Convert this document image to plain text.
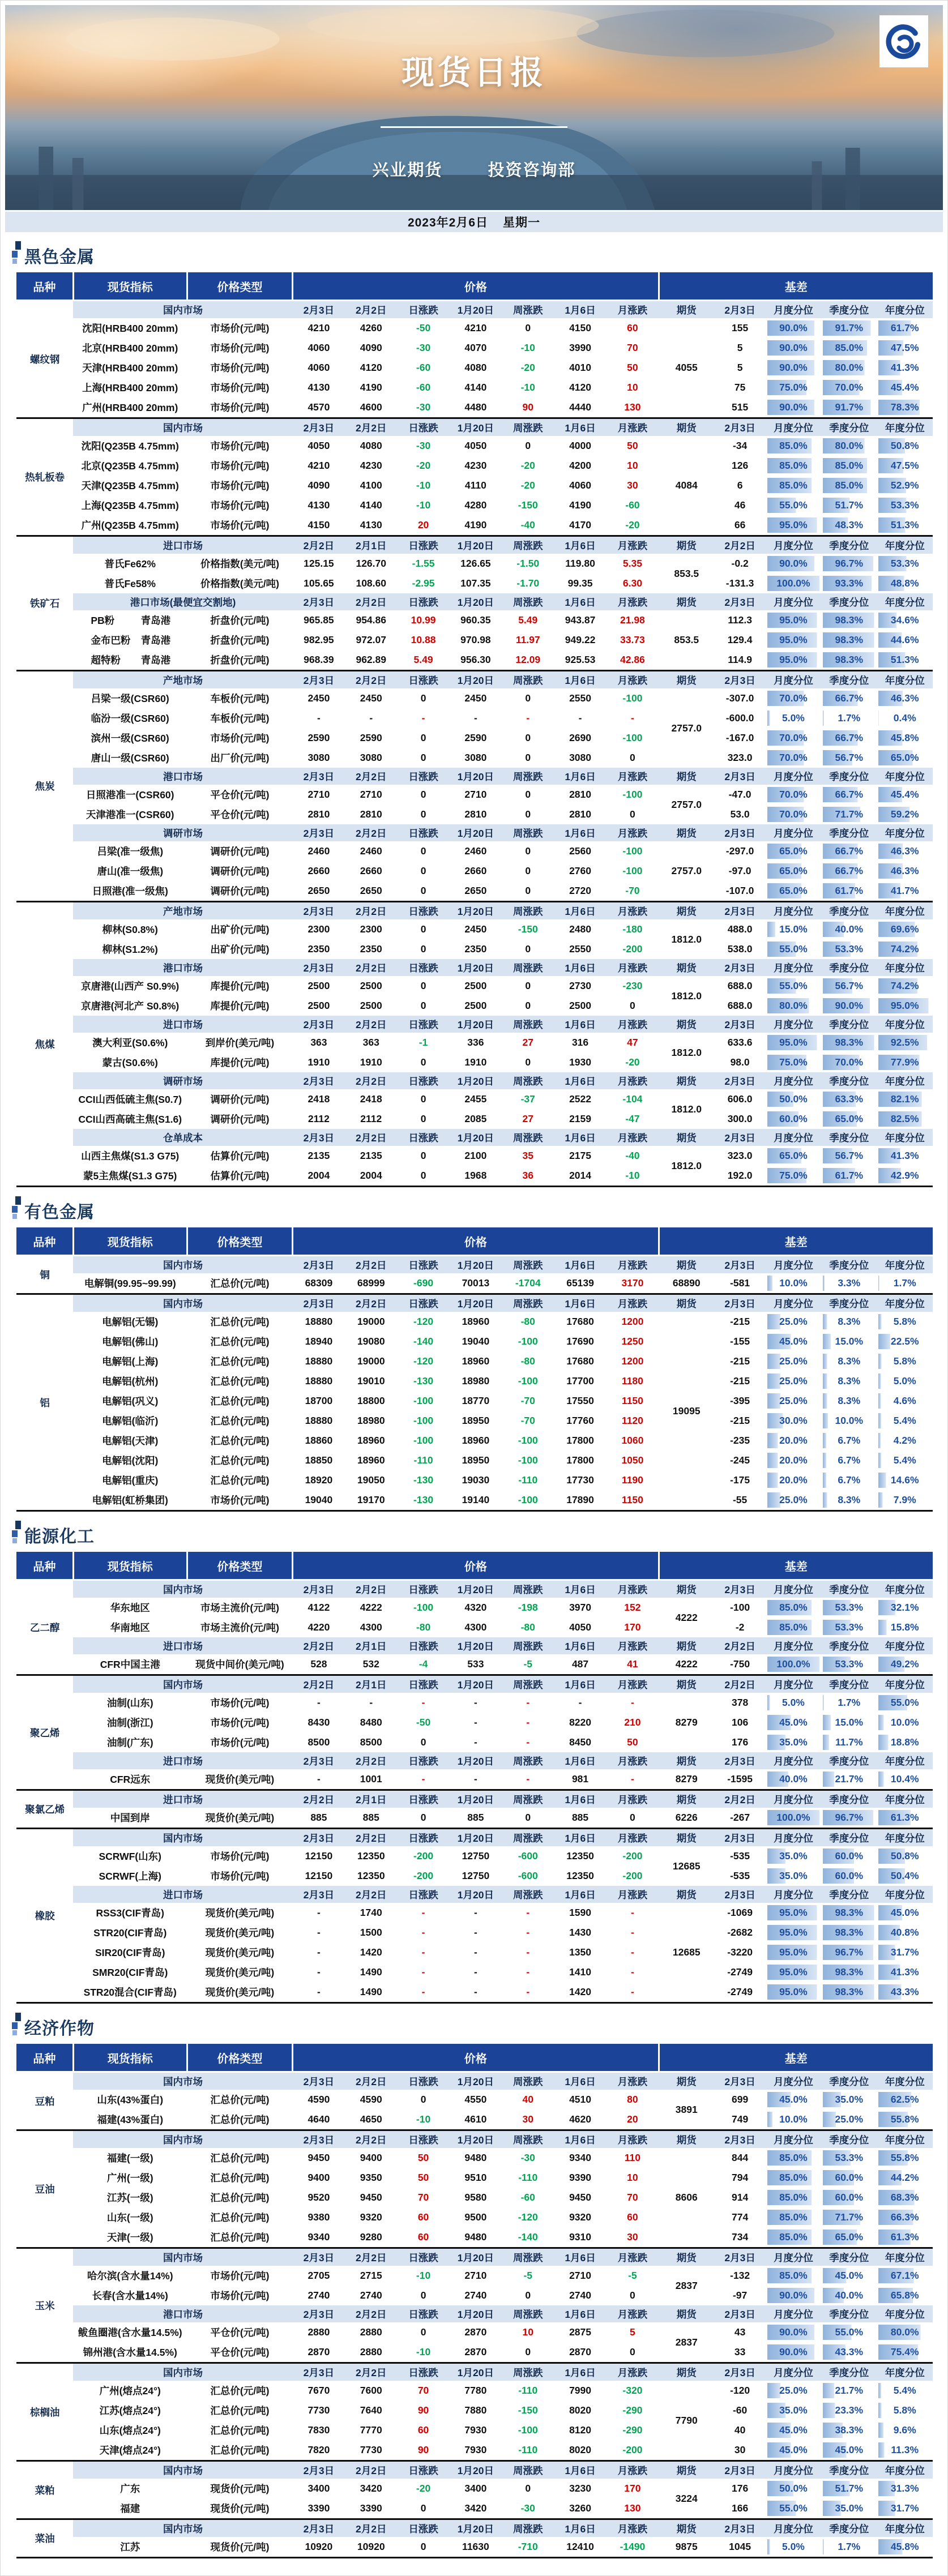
现货日报
兴业期货	投资咨询部
2023年2月6日 星期一
黑色金属
品种	现货指标	价格类型	价格							基差				
螺纹钢	国内市场		2月3日	2月2日	日涨跌	1月20日	周涨跌	1月6日	月涨跌	期货	2月3日	月度分位	季度分位	年度分位
	沈阳(HRB400 20mm)	市场价(元/吨)	4210	4260	-50	4210	0	4150	60	4055	155	90.0%	91.7%	61.7%

	北京(HRB400 20mm)	市场价(元/吨)	4060	4090	-30	4070	-10	3990	70		5	90.0%	85.0%	47.5%

	天津(HRB400 20mm)	市场价(元/吨)	4060	4120	-60	4080	-20	4010	50		5	90.0%	80.0%	41.3%

	上海(HRB400 20mm)	市场价(元/吨)	4130	4190	-60	4140	-10	4120	10		75	75.0%	70.0%	45.4%

	广州(HRB400 20mm)	市场价(元/吨)	4570	4600	-30	4480	90	4440	130		515	90.0%	91.7%	78.3%

热轧板卷	国内市场		2月3日	2月2日	日涨跌	1月20日	周涨跌	1月6日	月涨跌	期货	2月3日	月度分位	季度分位	年度分位
	沈阳(Q235B 4.75mm)	市场价(元/吨)	4050	4080	-30	4050	0	4000	50	4084	-34	85.0%	80.0%	50.8%

	北京(Q235B 4.75mm)	市场价(元/吨)	4210	4230	-20	4230	-20	4200	10		126	85.0%	85.0%	47.5%

	天津(Q235B 4.75mm)	市场价(元/吨)	4090	4100	-10	4110	-20	4060	30		6	85.0%	85.0%	52.9%

	上海(Q235B 4.75mm)	市场价(元/吨)	4130	4140	-10	4280	-150	4190	-60		46	55.0%	51.7%	53.3%

	广州(Q235B 4.75mm)	市场价(元/吨)	4150	4130	20	4190	-40	4170	-20		66	95.0%	48.3%	51.3%

铁矿石	进口市场		2月2日	2月1日	日涨跌	1月20日	周涨跌	1月6日	月涨跌	期货	2月2日	月度分位	季度分位	年度分位
	普氏Fe62%	价格指数(美元/吨)	125.15	126.70	-1.55	126.65	-1.50	119.80	5.35	853.5	-0.2	90.0%	96.7%	53.3%

	普氏Fe58%	价格指数(美元/吨)	105.65	108.60	-2.95	107.35	-1.70	99.35	6.30		-131.3	100.0%	93.3%	48.8%

	港口市场(最便宜交割地)		2月3日	2月2日	日涨跌	1月20日	周涨跌	1月6日	月涨跌	期货	2月3日	月度分位	季度分位	年度分位

	PB粉 青岛港	折盘价(元/吨)	965.85	954.86	10.99	960.35	5.49	943.87	21.98	853.5	112.3	95.0%	98.3%	34.6%

	金布巴粉 青岛港	折盘价(元/吨)	982.95	972.07	10.88	970.98	11.97	949.22	33.73		129.4	95.0%	98.3%	44.6%

	超特粉 青岛港	折盘价(元/吨)	968.39	962.89	5.49	956.30	12.09	925.53	42.86		114.9	95.0%	98.3%	51.3%

焦炭	产地市场		2月3日	2月2日	日涨跌	1月20日	周涨跌	1月6日	月涨跌	期货	2月3日	月度分位	季度分位	年度分位
	吕梁一级(CSR60)	车板价(元/吨)	2450	2450	0	2450	0	2550	-100	2757.0	-307.0	70.0%	66.7%	46.3%

	临汾一级(CSR60)	车板价(元/吨)	-	-	-	-	-	-	-		-600.0	5.0%	1.7%	0.4%

	滨州一级(CSR60)	市场价(元/吨)	2590	2590	0	2590	0	2690	-100		-167.0	70.0%	66.7%	45.8%

	唐山一级(CSR60)	出厂价(元/吨)	3080	3080	0	3080	0	3080	0		323.0	70.0%	56.7%	65.0%

	港口市场		2月3日	2月2日	日涨跌	1月20日	周涨跌	1月6日	月涨跌	期货	2月3日	月度分位	季度分位	年度分位
	日照港准一(CSR60)	平仓价(元/吨)	2710	2710	0	2710	0	2810	-100	2757.0	-47.0	70.0%	66.7%	45.4%

	天津港准一(CSR60)	平仓价(元/吨)	2810	2810	0	2810	0	2810	0		53.0	70.0%	71.7%	59.2%

	调研市场		2月3日	2月2日	日涨跌	1月20日	周涨跌	1月6日	月涨跌	期货	2月3日	月度分位	季度分位	年度分位
	吕梁(准一级焦)	调研价(元/吨)	2460	2460	0	2460	0	2560	-100	2757.0	-297.0	65.0%	66.7%	46.3%

	唐山(准一级焦)	调研价(元/吨)	2660	2660	0	2660	0	2760	-100		-97.0	65.0%	66.7%	46.3%

	日照港(准一级焦)	调研价(元/吨)	2650	2650	0	2650	0	2720	-70		-107.0	65.0%	61.7%	41.7%

焦煤	产地市场		2月3日	2月2日	日涨跌	1月20日	周涨跌	1月6日	月涨跌	期货	2月3日	月度分位	季度分位	年度分位
	柳林(S0.8%)	出矿价(元/吨)	2300	2300	0	2450	-150	2480	-180	1812.0	488.0	15.0%	40.0%	69.6%

	柳林(S1.2%)	出矿价(元/吨)	2350	2350	0	2350	0	2550	-200		538.0	55.0%	53.3%	74.2%

	港口市场		2月3日	2月2日	日涨跌	1月20日	周涨跌	1月6日	月涨跌	期货	2月3日	月度分位	季度分位	年度分位
	京唐港(山西产 S0.9%)	库提价(元/吨)	2500	2500	0	2500	0	2730	-230	1812.0	688.0	55.0%	56.7%	74.2%

	京唐港(河北产 S0.8%)	库提价(元/吨)	2500	2500	0	2500	0	2500	0		688.0	80.0%	90.0%	95.0%

	进口市场		2月3日	2月2日	日涨跌	1月20日	周涨跌	1月6日	月涨跌	期货	2月3日	月度分位	季度分位	年度分位
	澳大利亚(S0.6%)	到岸价(美元/吨)	363	363	-1	336	27	316	47	1812.0	633.6	95.0%	98.3%	92.5%

	蒙古(S0.6%)	库提价(元/吨)	1910	1910	0	1910	0	1930	-20		98.0	75.0%	70.0%	77.9%

	调研市场		2月3日	2月2日	日涨跌	1月20日	周涨跌	1月6日	月涨跌	期货	2月3日	月度分位	季度分位	年度分位
	CCI山西低硫主焦(S0.7)	调研价(元/吨)	2418	2418	0	2455	-37	2522	-104	1812.0	606.0	50.0%	63.3%	82.1%

	CCI山西高硫主焦(S1.6)	调研价(元/吨)	2112	2112	0	2085	27	2159	-47		300.0	60.0%	65.0%	82.5%

	仓单成本		2月3日	2月2日	日涨跌	1月20日	周涨跌	1月6日	月涨跌	期货	2月3日	月度分位	季度分位	年度分位
	山西主焦煤(S1.3 G75)	估算价(元/吨)	2135	2135	0	2100	35	2175	-40	1812.0	323.0	65.0%	56.7%	41.3%

	蒙5主焦煤(S1.3 G75)	估算价(元/吨)	2004	2004	0	1968	36	2014	-10		192.0	75.0%	61.7%	42.9%
有色金属
品种	现货指标	价格类型	价格							基差				
铜	国内市场		2月3日	2月2日	日涨跌	1月20日	周涨跌	1月6日	月涨跌	期货	2月3日	月度分位	季度分位	年度分位
	电解铜(99.95~99.99)	汇总价(元/吨)	68309	68999	-690	70013	-1704	65139	3170	68890	-581	10.0%	3.3%	1.7%

铝	国内市场		2月3日	2月2日	日涨跌	1月20日	周涨跌	1月6日	月涨跌	期货	2月3日	月度分位	季度分位	年度分位
	电解铝(无锡)	汇总价(元/吨)	18880	19000	-120	18960	-80	17680	1200	19095	-215	25.0%	8.3%	5.8%

	电解铝(佛山)	汇总价(元/吨)	18940	19080	-140	19040	-100	17690	1250		-155	45.0%	15.0%	22.5%

	电解铝(上海)	汇总价(元/吨)	18880	19000	-120	18960	-80	17680	1200		-215	25.0%	8.3%	5.8%

	电解铝(杭州)	汇总价(元/吨)	18880	19010	-130	18980	-100	17700	1180		-215	25.0%	8.3%	5.0%

	电解铝(巩义)	汇总价(元/吨)	18700	18800	-100	18770	-70	17550	1150		-395	25.0%	8.3%	4.6%

	电解铝(临沂)	汇总价(元/吨)	18880	18980	-100	18950	-70	17760	1120		-215	30.0%	10.0%	5.4%

	电解铝(天津)	汇总价(元/吨)	18860	18960	-100	18960	-100	17800	1060		-235	20.0%	6.7%	4.2%

	电解铝(沈阳)	汇总价(元/吨)	18850	18960	-110	18950	-100	17800	1050		-245	20.0%	6.7%	5.4%

	电解铝(重庆)	汇总价(元/吨)	18920	19050	-130	19030	-110	17730	1190		-175	20.0%	6.7%	14.6%

	电解铝(虹桥集团)	市场价(元/吨)	19040	19170	-130	19140	-100	17890	1150		-55	25.0%	8.3%	7.9%
能源化工
品种	现货指标	价格类型	价格							基差				
乙二醇	国内市场		2月3日	2月2日	日涨跌	1月20日	周涨跌	1月6日	月涨跌	期货	2月3日	月度分位	季度分位	年度分位
	华东地区	市场主流价(元/吨)	4122	4222	-100	4320	-198	3970	152	4222	-100	85.0%	53.3%	32.1%

	华南地区	市场主流价(元/吨)	4220	4300	-80	4300	-80	4050	170		-2	85.0%	53.3%	15.8%

	进口市场		2月2日	2月1日	日涨跌	1月20日	周涨跌	1月6日	月涨跌	期货	2月2日	月度分位	季度分位	年度分位
	CFR中国主港	现货中间价(美元/吨)	528	532	-4	533	-5	487	41	4222	-750	100.0%	53.3%	49.2%

聚乙烯	国内市场		2月2日	2月1日	日涨跌	1月20日	周涨跌	1月6日	月涨跌	期货	2月2日	月度分位	季度分位	年度分位
	油制(山东)	市场价(元/吨)	-	-	-	-	-	-	-	8279	378	5.0%	1.7%	55.0%

	油制(浙江)	市场价(元/吨)	8430	8480	-50	-	-	8220	210		106	45.0%	15.0%	10.0%

	油制(广东)	市场价(元/吨)	8500	8500	0	-	-	8450	50		176	35.0%	11.7%	18.8%

	进口市场		2月3日	2月2日	日涨跌	1月20日	周涨跌	1月6日	月涨跌	期货	2月3日	月度分位	季度分位	年度分位
	CFR远东	现货价(美元/吨)	-	1001	-	-	-	981	-	8279	-1595	40.0%	21.7%	10.4%

聚氯乙烯	进口市场		2月2日	2月1日	日涨跌	1月20日	周涨跌	1月6日	月涨跌	期货	2月2日	月度分位	季度分位	年度分位
	中国到岸	现货价(美元/吨)	885	885	0	885	0	885	0	6226	-267	100.0%	96.7%	61.3%

橡胶	国内市场		2月3日	2月2日	日涨跌	1月20日	周涨跌	1月6日	月涨跌	期货	2月3日	月度分位	季度分位	年度分位
	SCRWF(山东)	市场价(元/吨)	12150	12350	-200	12750	-600	12350	-200	12685	-535	35.0%	60.0%	50.8%

	SCRWF(上海)	市场价(元/吨)	12150	12350	-200	12750	-600	12350	-200		-535	35.0%	60.0%	50.4%

	进口市场		2月3日	2月2日	日涨跌	1月20日	周涨跌	1月6日	月涨跌	期货	2月3日	月度分位	季度分位	年度分位
	RSS3(CIF青岛)	现货价(美元/吨)	-	1740	-	-	-	1590	-	12685	-1069	95.0%	98.3%	45.0%

	STR20(CIF青岛)	现货价(美元/吨)	-	1500	-	-	-	1430	-		-2682	95.0%	98.3%	40.8%

	SIR20(CIF青岛)	现货价(美元/吨)	-	1420	-	-	-	1350	-		-3220	95.0%	96.7%	31.7%

	SMR20(CIF青岛)	现货价(美元/吨)	-	1490	-	-	-	1410	-		-2749	95.0%	98.3%	41.3%

	STR20混合(CIF青岛)	现货价(美元/吨)	-	1490	-	-	-	1420	-		-2749	95.0%	98.3%	43.3%
经济作物
品种	现货指标	价格类型	价格							基差				
豆粕	国内市场		2月3日	2月2日	日涨跌	1月20日	周涨跌	1月6日	月涨跌	期货	2月3日	月度分位	季度分位	年度分位
	山东(43%蛋白)	汇总价(元/吨)	4590	4590	0	4550	40	4510	80	3891	699	45.0%	35.0%	62.5%

	福建(43%蛋白)	汇总价(元/吨)	4640	4650	-10	4610	30	4620	20		749	10.0%	25.0%	55.8%

豆油	国内市场		2月3日	2月2日	日涨跌	1月20日	周涨跌	1月6日	月涨跌	期货	2月3日	月度分位	季度分位	年度分位
	福建(一级)	汇总价(元/吨)	9450	9400	50	9480	-30	9340	110	8606	844	85.0%	53.3%	55.8%

	广州(一级)	汇总价(元/吨)	9400	9350	50	9510	-110	9390	10		794	85.0%	60.0%	44.2%

	江苏(一级)	汇总价(元/吨)	9520	9450	70	9580	-60	9450	70		914	85.0%	60.0%	68.3%

	山东(一级)	汇总价(元/吨)	9380	9320	60	9500	-120	9320	60		774	85.0%	71.7%	66.3%

	天津(一级)	汇总价(元/吨)	9340	9280	60	9480	-140	9310	30		734	85.0%	65.0%	61.3%

玉米	国内市场		2月3日	2月2日	日涨跌	1月20日	周涨跌	1月6日	月涨跌	期货	2月3日	月度分位	季度分位	年度分位
	哈尔滨(含水量14%)	市场价(元/吨)	2705	2715	-10	2710	-5	2710	-5	2837	-132	85.0%	45.0%	67.1%

	长春(含水量14%)	市场价(元/吨)	2740	2740	0	2740	0	2740	0		-97	90.0%	40.0%	65.8%

	港口市场		2月3日	2月2日	日涨跌	1月20日	周涨跌	1月6日	月涨跌	期货	2月3日	月度分位	季度分位	年度分位
	鲅鱼圈港(含水量14.5%)	平仓价(元/吨)	2880	2880	0	2870	10	2875	5	2837	43	90.0%	55.0%	80.0%

	锦州港(含水量14.5%)	平仓价(元/吨)	2870	2880	-10	2870	0	2870	0		33	90.0%	43.3%	75.4%

棕榈油	国内市场		2月3日	2月2日	日涨跌	1月20日	周涨跌	1月6日	月涨跌	期货	2月3日	月度分位	季度分位	年度分位
	广州(熔点24°)	汇总价(元/吨)	7670	7600	70	7780	-110	7990	-320	7790	-120	25.0%	21.7%	5.4%

	江苏(熔点24°)	汇总价(元/吨)	7730	7640	90	7880	-150	8020	-290		-60	35.0%	23.3%	5.8%

	山东(熔点24°)	汇总价(元/吨)	7830	7770	60	7930	-100	8120	-290		40	45.0%	38.3%	9.6%

	天津(熔点24°)	汇总价(元/吨)	7820	7730	90	7930	-110	8020	-200		30	45.0%	45.0%	11.3%

菜粕	国内市场		2月3日	2月2日	日涨跌	1月20日	周涨跌	1月6日	月涨跌	期货	2月3日	月度分位	季度分位	年度分位
	广东	现货价(元/吨)	3400	3420	-20	3400	0	3230	170	3224	176	50.0%	51.7%	31.3%

	福建	现货价(元/吨)	3390	3390	0	3420	-30	3260	130		166	55.0%	35.0%	31.7%

菜油	国内市场		2月3日	2月2日	日涨跌	1月20日	周涨跌	1月6日	月涨跌	期货	2月3日	月度分位	季度分位	年度分位
	江苏	现货价(元/吨)	10920	10920	0	11630	-710	12410	-1490	9875	1045	5.0%	1.7%	45.8%
